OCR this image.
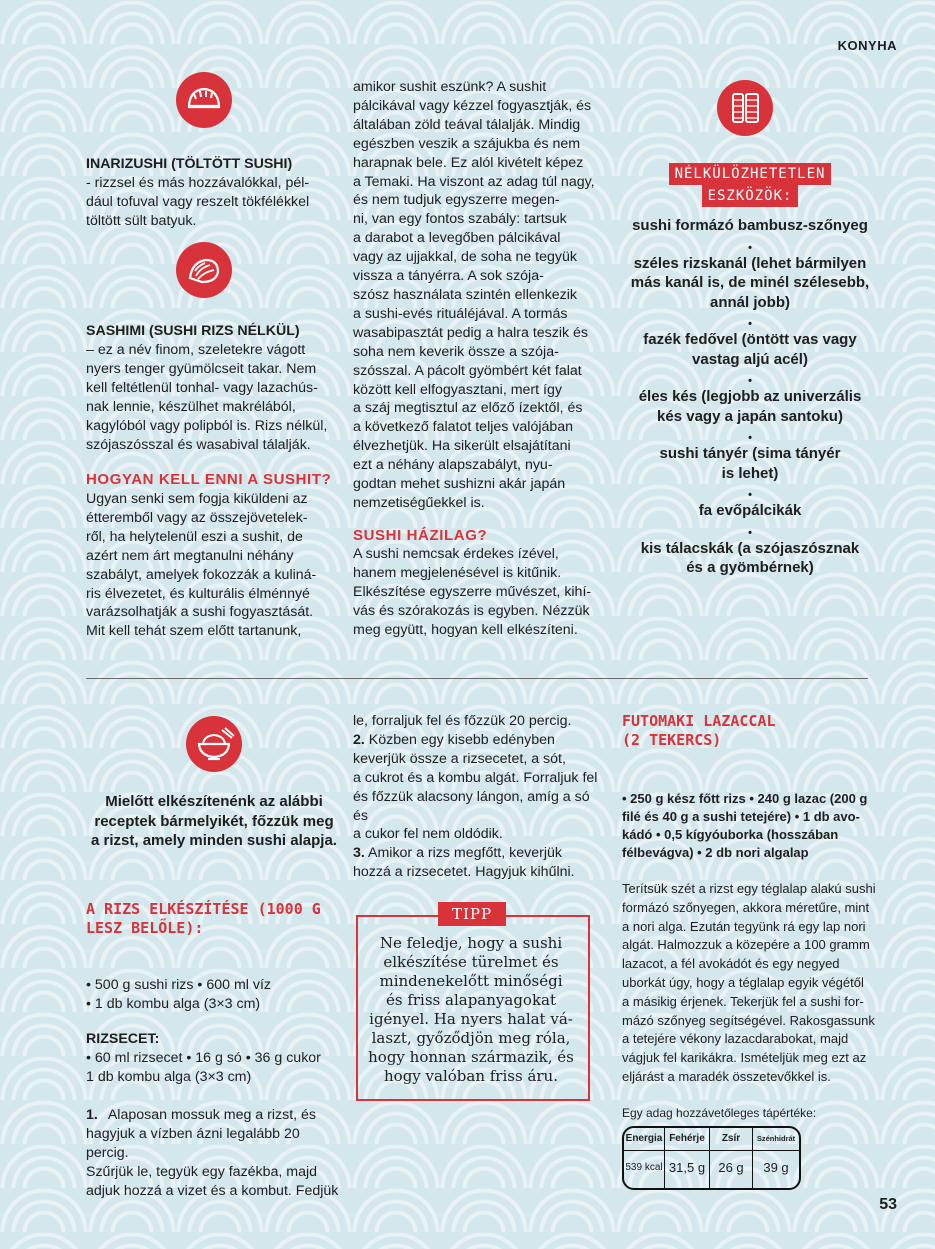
KONYHA
INARIZUSHI (TÖLTÖTT SUSHI)
- rizzsel és más hozzávalókkal, pél-
dául tofuval vagy reszelt tökfélékkel
töltött sült batyuk.
SASHIMI (SUSHI RIZS NÉLKÜL)
– ez a név finom, szeletekre vágott
nyers tenger gyümölcseit takar. Nem
kell feltétlenül tonhal- vagy lazachús-
nak lennie, készülhet makrélából,
kagylóból vagy polipból is. Rizs nélkül,
szójaszósszal és wasabival tálalják.
HOGYAN KELL ENNI A SUSHIT?
Ugyan senki sem fogja kiküldeni az
étteremből vagy az összejövetelek-
ről, ha helytelenül eszi a sushit, de
azért nem árt megtanulni néhány
szabályt, amelyek fokozzák a kuliná-
ris élvezetet, és kulturális élménnyé
varázsolhatják a sushi fogyasztását.
Mit kell tehát szem előtt tartanunk,
amikor sushit eszünk? A sushit
pálcikával vagy kézzel fogyasztják, és
általában zöld teával tálalják. Mindig
egészben veszik a szájukba és nem
harapnak bele. Ez alól kivételt képez
a Temaki. Ha viszont az adag túl nagy,
és nem tudjuk egyszerre megen-
ni, van egy fontos szabály: tartsuk
a darabot a levegőben pálcikával
vagy az ujjakkal, de soha ne tegyük
vissza a tányérra. A sok szója-
szósz használata szintén ellenkezik
a sushi-evés rituáléjával. A tormás
wasabipasztát pedig a halra teszik és
soha nem keverik össze a szója-
szósszal. A pácolt gyömbért két falat
között kell elfogyasztani, mert így
a száj megtisztul az előző ízektől, és
a következő falatot teljes valójában
élvezhetjük. Ha sikerült elsajátítani
ezt a néhány alapszabályt, nyu-
godtan mehet sushizni akár japán
nemzetiségűekkel is.
SUSHI HÁZILAG?
A sushi nemcsak érdekes ízével,
hanem megjelenésével is kitűnik.
Elkészítése egyszerre művészet, kihí-
vás és szórakozás is egyben. Nézzük
meg együtt, hogyan kell elkészíteni.
NÉLKÜLÖZHETETLEN
ESZKÖZÖK:
sushi formázó bambusz-szőnyeg
•
széles rizskanál (lehet bármilyen
más kanál is, de minél szélesebb,
annál jobb)
•
fazék fedővel (öntött vas vagy
vastag aljú acél)
•
éles kés (legjobb az univerzális
kés vagy a japán santoku)
•
sushi tányér (sima tányér
is lehet)
•
fa evőpálcikák
•
kis tálacskák (a szójaszósznak
és a gyömbérnek)
Mielőtt elkészítenénk az alábbi
receptek bármelyikét, főzzük meg
a rizst, amely minden sushi alapja.
A RIZS ELKÉSZÍTÉSE (1000 G
LESZ BELŐLE):
• 500 g sushi rizs • 600 ml víz
• 1 db kombu alga (3×3 cm)
RIZSECET:
• 60 ml rizsecet • 16 g só • 36 g cukor
1 db kombu alga (3×3 cm)
1. Alaposan mossuk meg a rizst, és
hagyjuk a vízben ázni legalább 20 percig.
Szűrjük le, tegyük egy fazékba, majd
adjuk hozzá a vizet és a kombut. Fedjük
le, forraljuk fel és főzzük 20 percig.
2. Közben egy kisebb edényben
keverjük össze a rizsecetet, a sót,
a cukrot és a kombu algát. Forraljuk fel
és főzzük alacsony lángon, amíg a só és
a cukor fel nem oldódik.
3. Amikor a rizs megfőtt, keverjük
hozzá a rizsecetet. Hagyjuk kihűlni.
TIPP
Ne feledje, hogy a sushi
elkészítése türelmet és
mindenekelőtt minőségi
és friss alapanyagokat
igényel. Ha nyers halat vá-
laszt, győződjön meg róla,
hogy honnan származik, és
hogy valóban friss áru.
FUTOMAKI LAZACCAL
(2 TEKERCS)
• 250 g kész főtt rizs • 240 g lazac (200 g
filé és 40 g a sushi tetejére) • 1 db avo-
kádó • 0,5 kígyóuborka (hosszában
félbevágva) • 2 db nori algalap
Terítsük szét a rizst egy téglalap alakú sushi
formázó szőnyegen, akkora méretűre, mint
a nori alga. Ezután tegyünk rá egy lap nori
algát. Halmozzuk a közepére a 100 gramm
lazacot, a fél avokádót és egy negyed
uborkát úgy, hogy a téglalap egyik végétől
a másikig érjenek. Tekerjük fel a sushi for-
mázó szőnyeg segítségével. Rakosgassunk
a tetejére vékony lazacdarabokat, majd
vágjuk fel karikákra. Ismételjük meg ezt az
eljárást a maradék összetevőkkel is.
Egy adag hozzávetőleges tápértéke:
Energia
539 kcal
Fehérje
31,5 g
Zsír
26 g
Szénhidrát
39 g
53
